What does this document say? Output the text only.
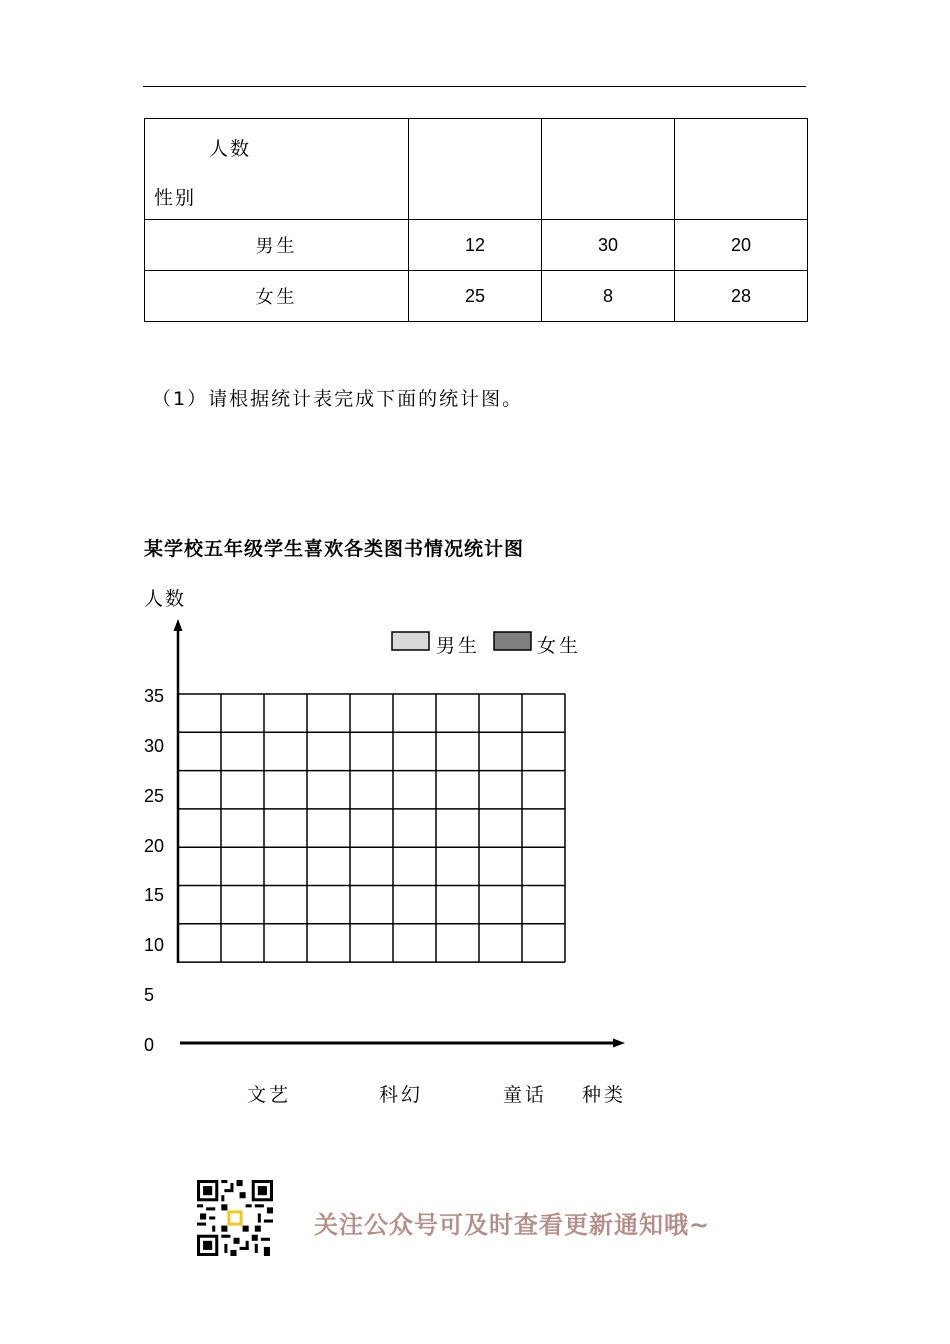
人数
性别			

男生	12	30	20
女生	25	8	28
（1）请根据统计表完成下面的统计图。
某学校五年级学生喜欢各类图书情况统计图
人数
男生	女生
35
30
25
20
15
10
5
0
文艺	科幻	童话 种类
关注公众号可及时查看更新通知哦~
